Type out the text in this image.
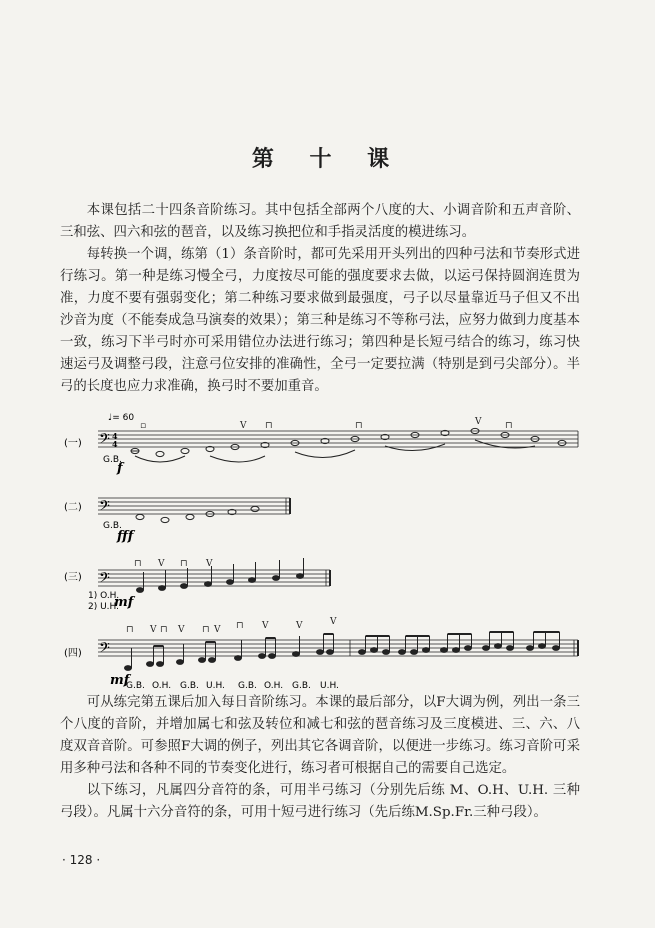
第 十 课
本课包括二十四条音阶练习。其中包括全部两个八度的大、小调音阶和五声音阶、三和弦、四六和弦的琶音，以及练习换把位和手指灵活度的模进练习。
每转换一个调，练第（1）条音阶时，都可先采用开头列出的四种弓法和节奏形式进行练习。第一种是练习慢全弓，力度按尽可能的强度要求去做，以运弓保持圆润连贯为准，力度不要有强弱变化；第二种练习要求做到最强度，弓子以尽量靠近马子但又不出沙音为度（不能奏成急马演奏的效果）；第三种是练习不等称弓法，应努力做到力度基本一致，练习下半弓时亦可采用错位办法进行练习；第四种是长短弓结合的练习，练习快速运弓及调整弓段，注意弓位安排的准确性，全弓一定要拉满（特别是到弓尖部分）。半弓的长度也应力求准确，换弓时不要加重音。
(一)
♩= 60
𝄢 4
4
G.B.
f
▫	V ⊓	⊓	V	⊓
(二) 𝄢
G.B.
fff
(三) 𝄢
1) O.H.
2) U.H.
mf
⊓ V ⊓ V
(四) 𝄢
mf
⊓ V ⊓ V ⊓ V ⊓ V	V	V
G.B. O.H. G.B. U.H. G.B. O.H. G.B. U.H.
可从练完第五课后加入每日音阶练习。本课的最后部分，以F大调为例，列出一条三个八度的音阶，并增加属七和弦及转位和减七和弦的琶音练习及三度模进、三、六、八度双音音阶。可参照F大调的例子，列出其它各调音阶，以便进一步练习。练习音阶可采用多种弓法和各种不同的节奏变化进行，练习者可根据自己的需要自己选定。
以下练习，凡属四分音符的条，可用半弓练习（分别先后练 M、O.H、U.H. 三种弓段）。凡属十六分音符的条，可用十短弓进行练习（先后练M.Sp.Fr.三种弓段）。
· 128 ·
